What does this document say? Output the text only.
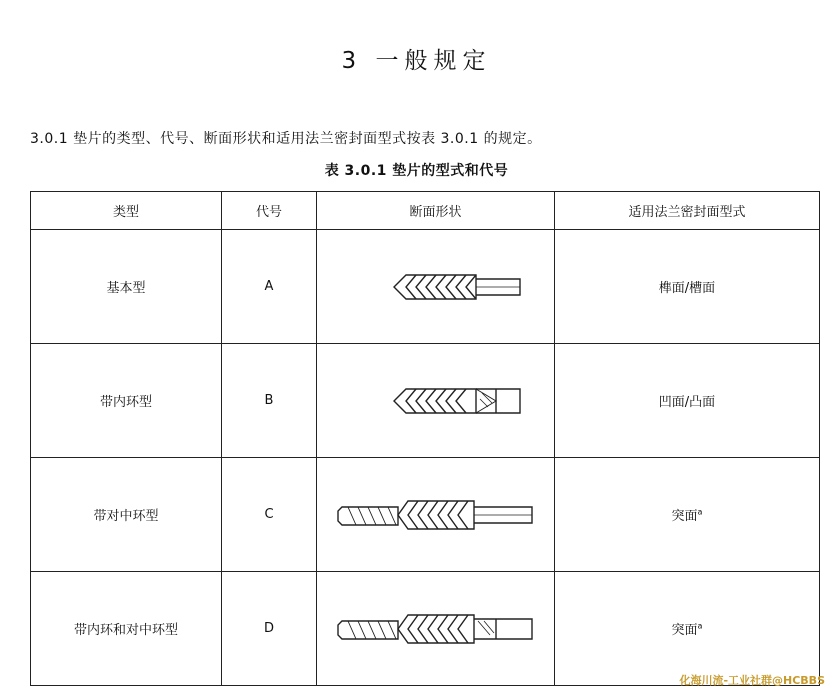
3 一般规定
3.0.1 垫片的类型、代号、断面形状和适用法兰密封面型式按表 3.0.1 的规定。
表 3.0.1 垫片的型式和代号
类型	代号	断面形状	适用法兰密封面型式
基本型	A		榫面/槽面
带内环型	B		凹面/凸面
带对中环型	C		突面$^a$
带内环和对中环型	D		突面$^a$
化海川流-工业社群@HCBBS
